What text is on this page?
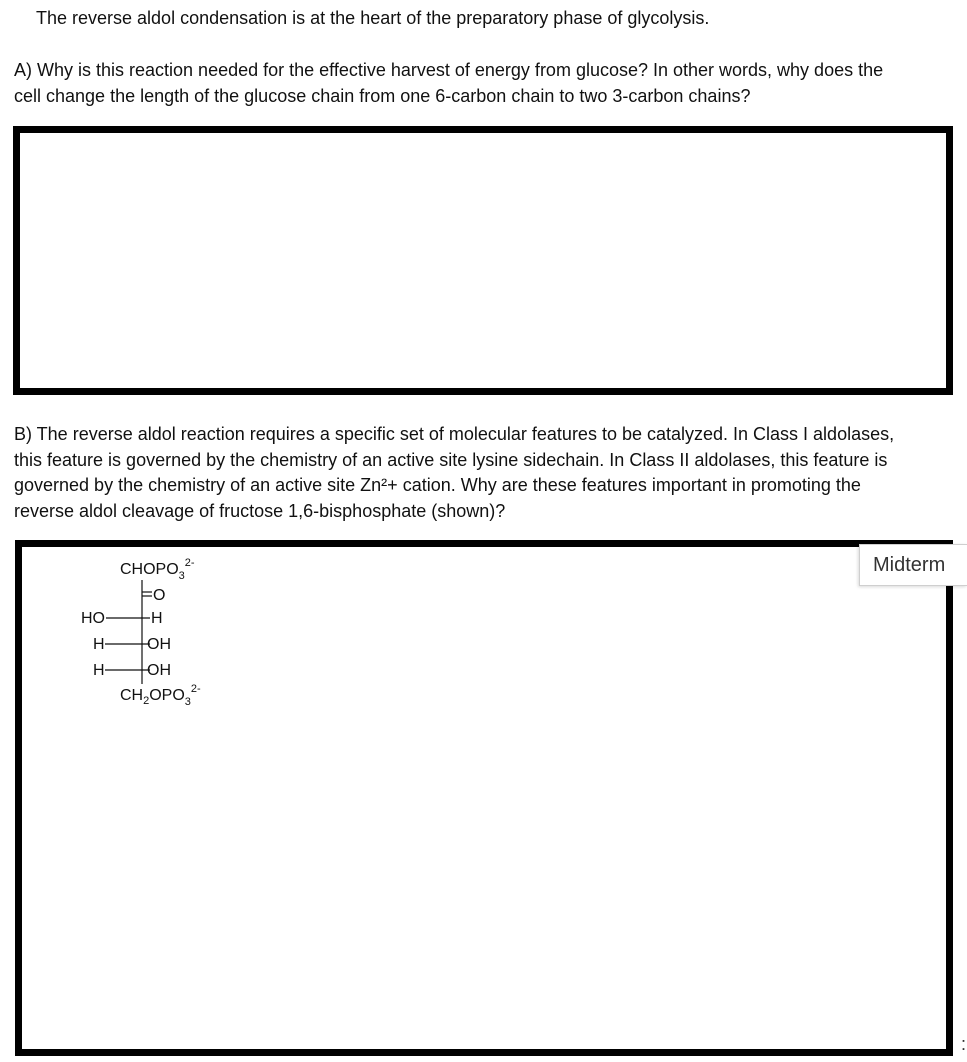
The reverse aldol condensation is at the heart of the preparatory phase of glycolysis.
A) Why is this reaction needed for the effective harvest of energy from glucose? In other words, why does the
cell change the length of the glucose chain from one 6-carbon chain to two 3-carbon chains?
B) The reverse aldol reaction requires a specific set of molecular features to be catalyzed. In Class I aldolases,
this feature is governed by the chemistry of an active site lysine sidechain. In Class II aldolases, this feature is
governed by the chemistry of an active site Zn²+ cation. Why are these features important in promoting the
reverse aldol cleavage of fructose 1,6-bisphosphate (shown)?
$CHOPO_3^{2-}$
O
HO	H
H	OH
H	OH
$CH_2OPO_3^{2-}$
Midterm
:
